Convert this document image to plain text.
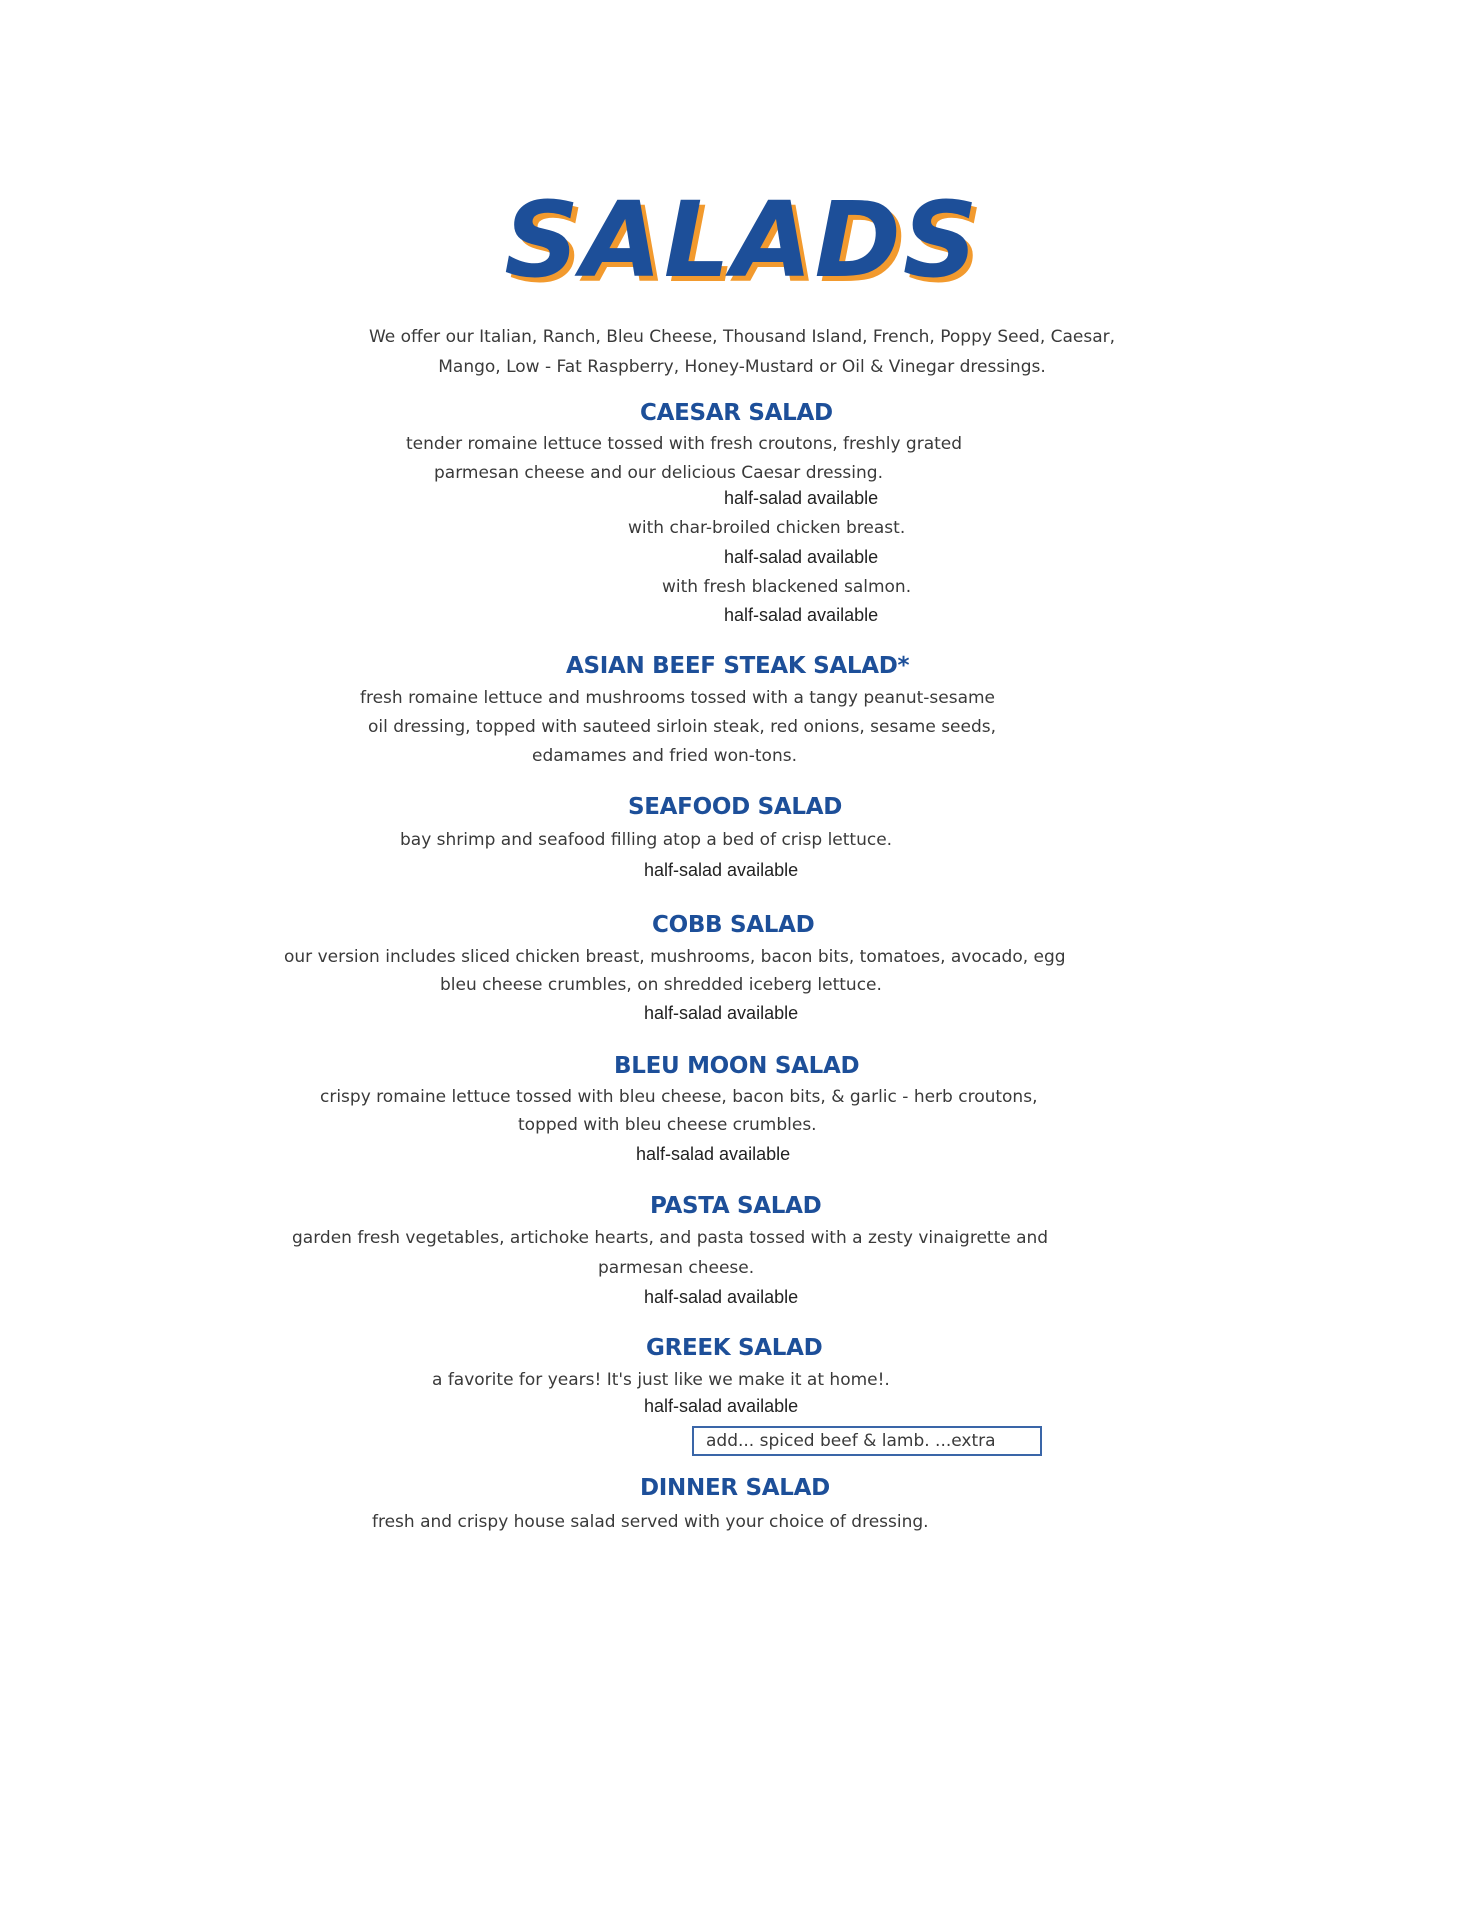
SALADS
We offer our Italian, Ranch, Bleu Cheese, Thousand Island, French, Poppy Seed, Caesar,
Mango, Low - Fat Raspberry, Honey-Mustard or Oil & Vinegar dressings.
CAESAR SALAD
tender romaine lettuce tossed with fresh croutons, freshly grated
parmesan cheese and our delicious Caesar dressing.
half-salad available
with char-broiled chicken breast.
half-salad available
with fresh blackened salmon.
half-salad available
ASIAN BEEF STEAK SALAD*
fresh romaine lettuce and mushrooms tossed with a tangy peanut-sesame
oil dressing, topped with sauteed sirloin steak, red onions, sesame seeds,
edamames and fried won-tons.
SEAFOOD SALAD
bay shrimp and seafood filling atop a bed of crisp lettuce.
half-salad available
COBB SALAD
our version includes sliced chicken breast, mushrooms, bacon bits, tomatoes, avocado, egg
bleu cheese crumbles, on shredded iceberg lettuce.
half-salad available
BLEU MOON SALAD
crispy romaine lettuce tossed with bleu cheese, bacon bits, & garlic - herb croutons,
topped with bleu cheese crumbles.
half-salad available
PASTA SALAD
garden fresh vegetables, artichoke hearts, and pasta tossed with a zesty vinaigrette and
parmesan cheese.
half-salad available
GREEK SALAD
a favorite for years! It's just like we make it at home!.
half-salad available
add... spiced beef & lamb. ...extra
DINNER SALAD
fresh and crispy house salad served with your choice of dressing.
